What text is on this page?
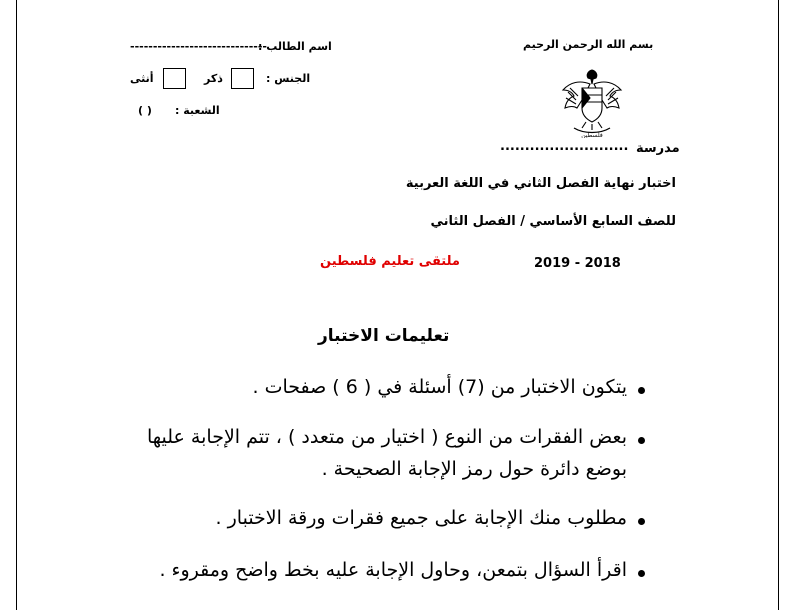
بسم الله الرحمن الرحيم
اسم الطالب :
------------------------------
الجنس :
ذكر
أنثى
الشعبة :
( )
فلسطين
مدرسة
..........................
اختبار نهاية الفصل الثاني في اللغة العربية
للصف السابع الأساسي / الفصل الثاني
2019 - 2018
ملتقى تعليم فلسطين
تعليمات الاختبار
يتكون الاختبار من (7) أسئلة في ( 6 ) صفحات .
بعض الفقرات من النوع ( اختيار من متعدد ) ، تتم الإجابة عليها
بوضع دائرة حول رمز الإجابة الصحيحة .
مطلوب منك الإجابة على جميع فقرات ورقة الاختبار .
اقرأ السؤال بتمعن، وحاول الإجابة عليه بخط واضح ومقروء .
